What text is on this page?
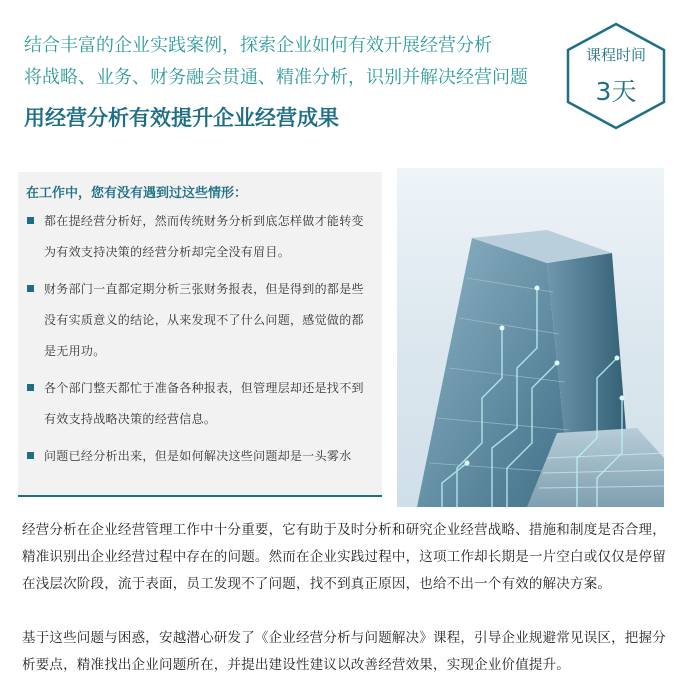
结合丰富的企业实践案例，探索企业如何有效开展经营分析
将战略、业务、财务融会贯通、精准分析，识别并解决经营问题
用经营分析有效提升企业经营成果
课程时间
3天
在工作中，您有没有遇到过这些情形：
都在提经营分析好，然而传统财务分析到底怎样做才能转变为有效支持决策的经营分析却完全没有眉目。
财务部门一直都定期分析三张财务报表，但是得到的都是些没有实质意义的结论，从来发现不了什么问题，感觉做的都是无用功。
各个部门整天都忙于准备各种报表，但管理层却还是找不到有效支持战略决策的经营信息。
问题已经分析出来，但是如何解决这些问题却是一头雾水

经营分析在企业经营管理工作中十分重要，它有助于及时分析和研究企业经营战略、措施和制度是否合理，精准识别出企业经营过程中存在的问题。然而在企业实践过程中，这项工作却长期是一片空白或仅仅是停留在浅层次阶段，流于表面，员工发现不了问题，找不到真正原因，也给不出一个有效的解决方案。

基于这些问题与困惑，安越潜心研发了《企业经营分析与问题解决》课程，引导企业规避常见误区，把握分析要点，精准找出企业问题所在，并提出建设性建议以改善经营效果，实现企业价值提升。
